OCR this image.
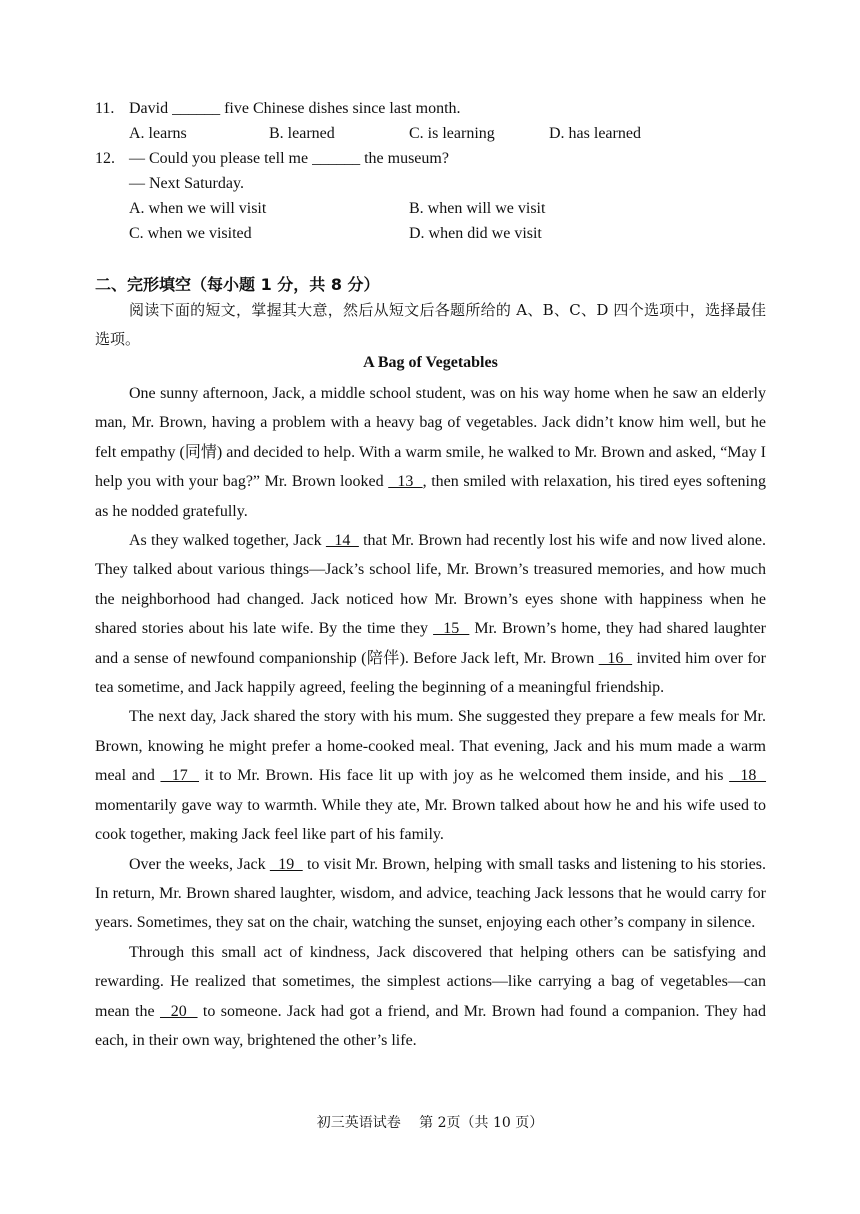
11. David ______ five Chinese dishes since last month.
A. learns	B. learned	C. is learning	D. has learned
12. — Could you please tell me ______ the museum?
— Next Saturday.
A. when we will visit	B. when will we visit
C. when we visited	D. when did we visit
二、完形填空（每小题 1 分，共 8 分）
阅读下面的短文，掌握其大意，然后从短文后各题所给的 A、B、C、D 四个选项中，选择最佳选项。
A Bag of Vegetables

One sunny afternoon, Jack, a middle school student, was on his way home when he saw an elderly man, Mr. Brown, having a problem with a heavy bag of vegetables. Jack didn’t know him well, but he felt empathy (同情) and decided to help. With a warm smile, he walked to Mr. Brown and asked, “May I help you with your bag?” Mr. Brown looked   13  , then smiled with relaxation, his tired eyes softening as he nodded gratefully.

As they walked together, Jack   14   that Mr. Brown had recently lost his wife and now lived alone. They talked about various things—Jack’s school life, Mr. Brown’s treasured memories, and how much the neighborhood had changed. Jack noticed how Mr. Brown’s eyes shone with happiness when he shared stories about his late wife. By the time they   15   Mr. Brown’s home, they had shared laughter and a sense of newfound companionship (陪伴). Before Jack left, Mr. Brown   16   invited him over for tea sometime, and Jack happily agreed, feeling the beginning of a meaningful friendship.

The next day, Jack shared the story with his mum. She suggested they prepare a few meals for Mr. Brown, knowing he might prefer a home-cooked meal. That evening, Jack and his mum made a warm meal and   17   it to Mr. Brown. His face lit up with joy as he welcomed them inside, and his   18   momentarily gave way to warmth. While they ate, Mr. Brown talked about how he and his wife used to cook together, making Jack feel like part of his family.

Over the weeks, Jack   19   to visit Mr. Brown, helping with small tasks and listening to his stories. In return, Mr. Brown shared laughter, wisdom, and advice, teaching Jack lessons that he would carry for years. Sometimes, they sat on the chair, watching the sunset, enjoying each other’s company in silence.

Through this small act of kindness, Jack discovered that helping others can be satisfying and rewarding. He realized that sometimes, the simplest actions—like carrying a bag of vegetables—can mean the   20   to someone. Jack had got a friend, and Mr. Brown had found a companion. They had each, in their own way, brightened the other’s life.

初三英语试卷　 第 2页（共 10 页）
